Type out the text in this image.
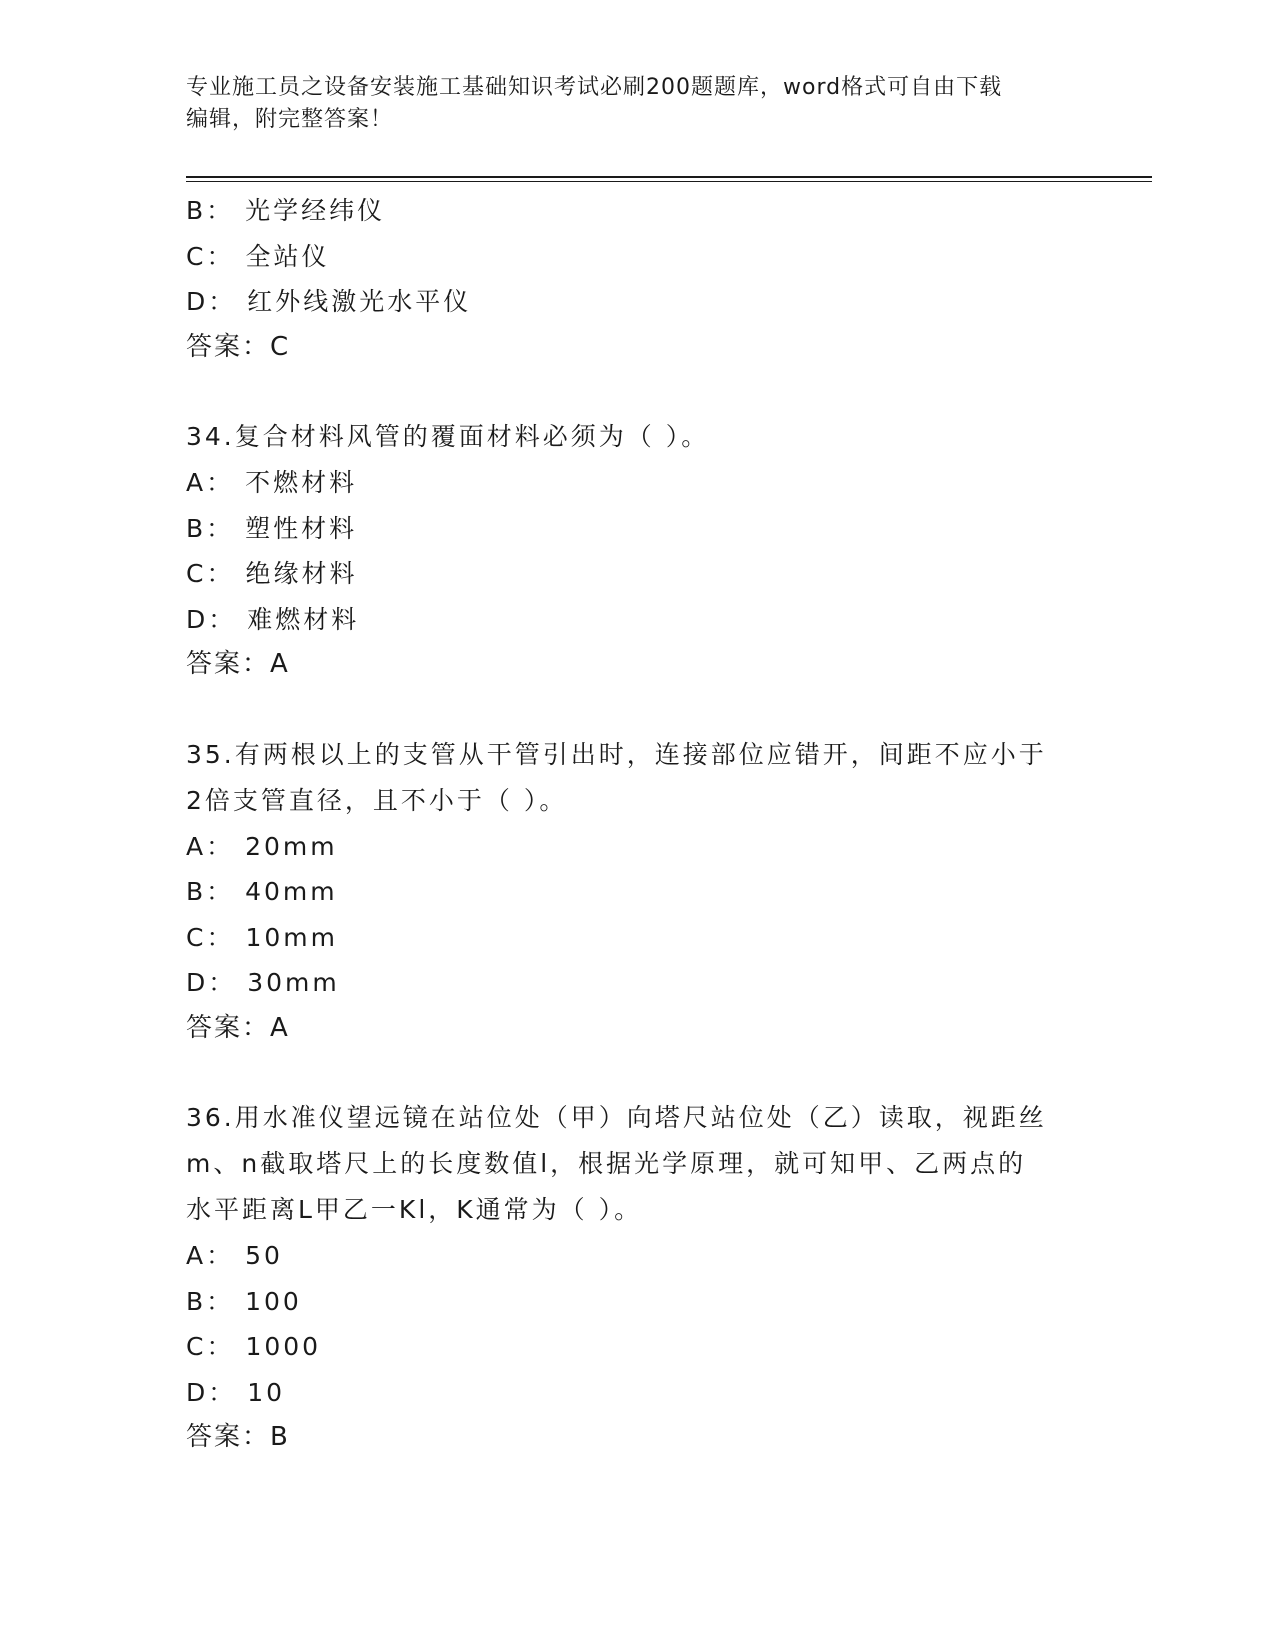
专业施工员之设备安装施工基础知识考试必刷200题题库，word格式可自由下载
编辑，附完整答案！
B： 光学经纬仪
C： 全站仪
D： 红外线激光水平仪
答案：C
34.复合材料风管的覆面材料必须为（ ）。
A： 不燃材料
B： 塑性材料
C： 绝缘材料
D： 难燃材料
答案：A
35.有两根以上的支管从干管引出时，连接部位应错开，间距不应小于
2倍支管直径，且不小于（ ）。
A： 20mm
B： 40mm
C： 10mm
D： 30mm
答案：A
36.用水准仪望远镜在站位处（甲）向塔尺站位处（乙）读取，视距丝
m、n截取塔尺上的长度数值l，根据光学原理，就可知甲、乙两点的
水平距离L甲乙一Kl，K通常为（ ）。
A： 50
B： 100
C： 1000
D： 10
答案：B
